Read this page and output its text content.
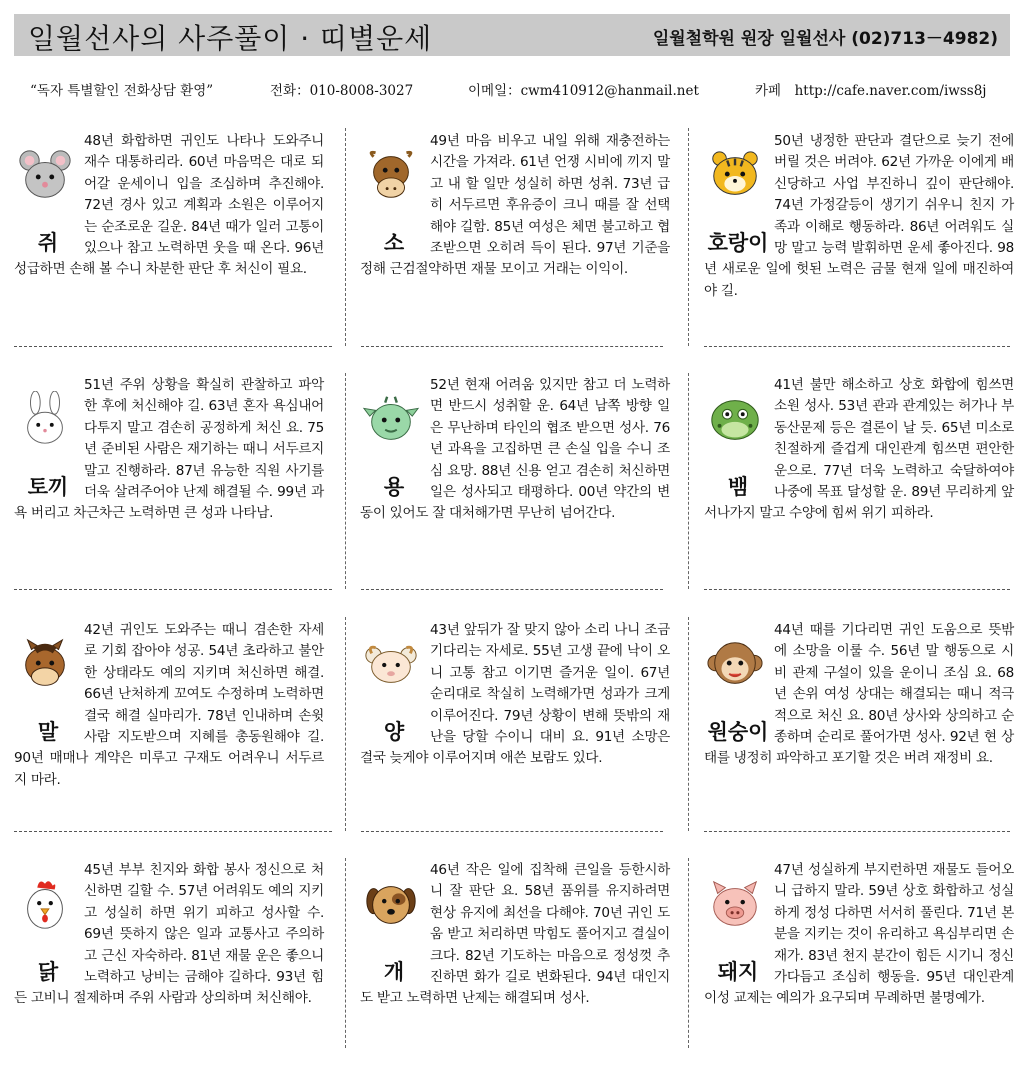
일월선사의 사주풀이 · 띠별운세	일월철학원 원장 일월선사 (02)713－4982)
“독자 특별할인 전화상담 환영”	전화：010-8008-3027	이메일：cwm410912@hanmail.net	카페　http://cafe.naver.com/iwss8j
쥐

48년 화합하면 귀인도 나타나 도와주니 재수 대통하리라. 60년 마음먹은 대로 되어갈 운세이니 입을 조심하며 추진해야. 72년 경사 있고 계획과 소원은 이루어지는 순조로운 길운. 84년 때가 일러 고통이 있으나 참고 노력하면 웃을 때 온다. 96년 성급하면 손해 볼 수니 차분한 판단 후 처신이 필요.

소

49년 마음 비우고 내일 위해 재충전하는 시간을 가져라. 61년 언쟁 시비에 끼지 말고 내 할 일만 성실히 하면 성취. 73년 급히 서두르면 후유증이 크니 때를 잘 선택해야 길함. 85년 여성은 체면 불고하고 협조받으면 오히려 득이 된다. 97년 기준을 정해 근검절약하면 재물 모이고 거래는 이익이.

호랑이

50년 냉정한 판단과 결단으로 늦기 전에 버릴 것은 버려야. 62년 가까운 이에게 배신당하고 사업 부진하니 깊이 판단해야. 74년 가정갈등이 생기기 쉬우니 친지 가족과 이해로 행동하라. 86년 어려워도 실망 말고 능력 발휘하면 운세 좋아진다. 98년 새로운 일에 헛된 노력은 금물 현재 일에 매진하여야 길.

토끼

51년 주위 상황을 확실히 관찰하고 파악한 후에 처신해야 길. 63년 혼자 욕심내어 다투지 말고 겸손히 공정하게 처신 요. 75년 준비된 사람은 재기하는 때니 서두르지 말고 진행하라. 87년 유능한 직원 사기를 더욱 살려주어야 난제 해결될 수. 99년 과욕 버리고 차근차근 노력하면 큰 성과 나타남.

용

52년 현재 어려움 있지만 참고 더 노력하면 반드시 성취할 운. 64년 남쪽 방향 일은 무난하며 타인의 협조 받으면 성사. 76년 과욕을 고집하면 큰 손실 입을 수니 조심 요망. 88년 신용 얻고 겸손히 처신하면 일은 성사되고 태평하다. 00년 약간의 변동이 있어도 잘 대처해가면 무난히 넘어간다.

뱀

41년 불만 해소하고 상호 화합에 힘쓰면 소원 성사. 53년 관과 관계있는 허가나 부동산문제 등은 결론이 날 듯. 65년 미소로 친절하게 즐겁게 대인관계 힘쓰면 편안한 운으로. 77년 더욱 노력하고 숙달하여야 나중에 목표 달성할 운. 89년 무리하게 앞서나가지 말고 수양에 힘써 위기 피하라.

말

42년 귀인도 도와주는 때니 겸손한 자세로 기회 잡아야 성공. 54년 초라하고 불안한 상태라도 예의 지키며 처신하면 해결. 66년 난처하게 꼬여도 수정하며 노력하면 결국 해결 실마리가. 78년 인내하며 손윗사람 지도받으며 지혜를 총동원해야 길. 90년 매매나 계약은 미루고 구재도 어려우니 서두르지 마라.

양

43년 앞뒤가 잘 맞지 않아 소리 나니 조금 기다리는 자세로. 55년 고생 끝에 낙이 오니 고통 참고 이기면 즐거운 일이. 67년 순리대로 착실히 노력해가면 성과가 크게 이루어진다. 79년 상황이 변해 뜻밖의 재난을 당할 수이니 대비 요. 91년 소망은 결국 늦게야 이루어지며 애쓴 보람도 있다.

원숭이

44년 때를 기다리면 귀인 도움으로 뜻밖에 소망을 이룰 수. 56년 말 행동으로 시비 관제 구설이 있을 운이니 조심 요. 68년 손위 여성 상대는 해결되는 때니 적극적으로 처신 요. 80년 상사와 상의하고 순종하며 순리로 풀어가면 성사. 92년 현 상태를 냉정히 파악하고 포기할 것은 버려 재정비 요.

닭

45년 부부 친지와 화합 봉사 정신으로 처신하면 길할 수. 57년 어려워도 예의 지키고 성실히 하면 위기 피하고 성사할 수. 69년 뜻하지 않은 일과 교통사고 주의하고 근신 자숙하라. 81년 재물 운은 좋으니 노력하고 낭비는 금해야 길하다. 93년 힘든 고비니 절제하며 주위 사람과 상의하며 처신해야.

개

46년 작은 일에 집착해 큰일을 등한시하니 잘 판단 요. 58년 품위를 유지하려면 현상 유지에 최선을 다해야. 70년 귀인 도움 받고 처리하면 막힘도 풀어지고 결실이 크다. 82년 기도하는 마음으로 정성껏 추진하면 화가 길로 변화된다. 94년 대인지도 받고 노력하면 난제는 해결되며 성사.

돼지

47년 성실하게 부지런하면 재물도 들어오니 급하지 말라. 59년 상호 화합하고 성실하게 정성 다하면 서서히 풀린다. 71년 본분을 지키는 것이 유리하고 욕심부리면 손재가. 83년 천지 분간이 힘든 시기니 정신 가다듬고 조심히 행동을. 95년 대인관계 이성 교제는 예의가 요구되며 무례하면 불명예가.
